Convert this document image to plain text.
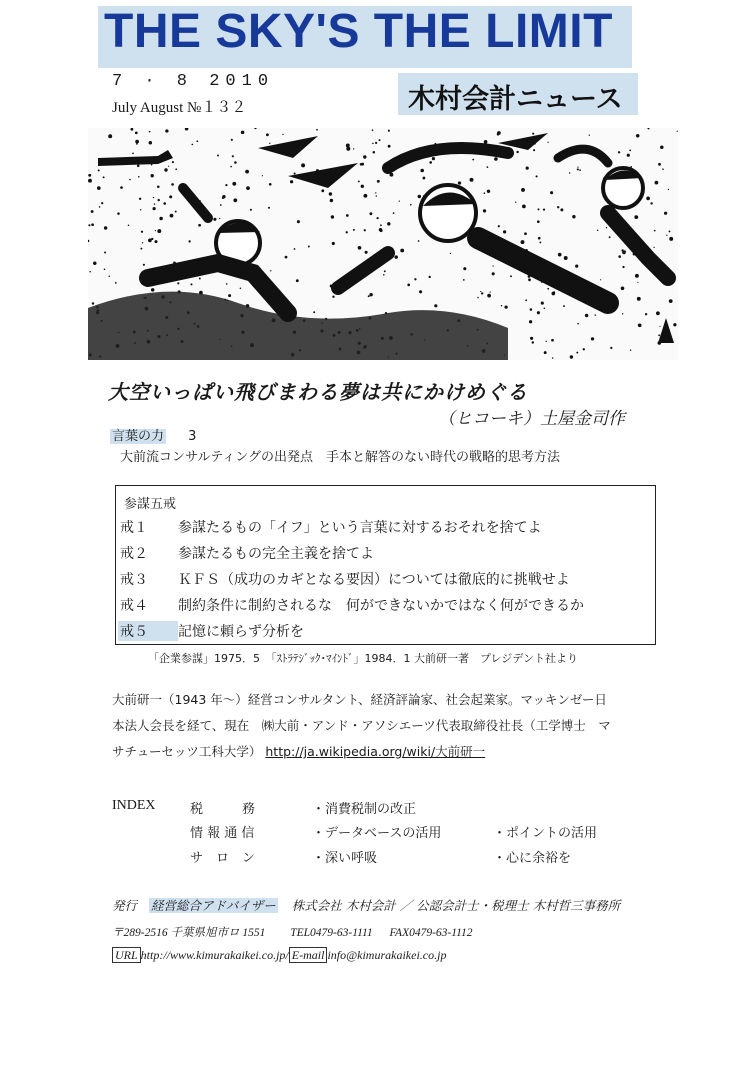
THE SKY'S THE LIMIT
7 · 8 2010
July August №１３２	木村会計ニュース
大空いっぱい飛びまわる夢は共にかけめぐる
（ヒコーキ）土屋金司作
言葉の力 3
大前流コンサルティングの出発点　手本と解答のない時代の戦略的思考方法
参謀五戒
戒１ 参謀たるもの「イフ」という言葉に対するおそれを捨てよ
戒２ 参謀たるもの完全主義を捨てよ
戒３ ＫＦＳ（成功のカギとなる要因）については徹底的に挑戦せよ
戒４ 制約条件に制約されるな　何ができないかではなく何ができるか
戒５ 記憶に頼らず分析を
「企業参謀」1975．5　「ｽﾄﾗﾃｼﾞｯｸ･ﾏｲﾝﾄﾞ」1984．1 大前研一著　プレジデント社より
大前研一（1943 年～）経営コンサルタント、経済評論家、社会起業家。マッキンゼー日
本法人会長を経て、現在　㈱大前・アンド・アソシエーツ代表取締役社長（工学博士　マ
サチューセッツ工科大学） http://ja.wikipedia.org/wiki/大前研一
INDEX	税　　　務	・消費税制の改正
情 報 通 信	・データベースの活用	・ポイントの活用
サ　ロ　ン	・深い呼吸	・心に余裕を
発行 経営総合アドバイザー 株式会社 木村会計 ／ 公認会計士・税理士 木村哲三事務所
〒289-2516 千葉県旭市ロ 1551 TEL0479-63-1111 FAX0479-63-1112
URL http://www.kimurakaikei.co.jp/ E-mail info@kimurakaikei.co.jp
